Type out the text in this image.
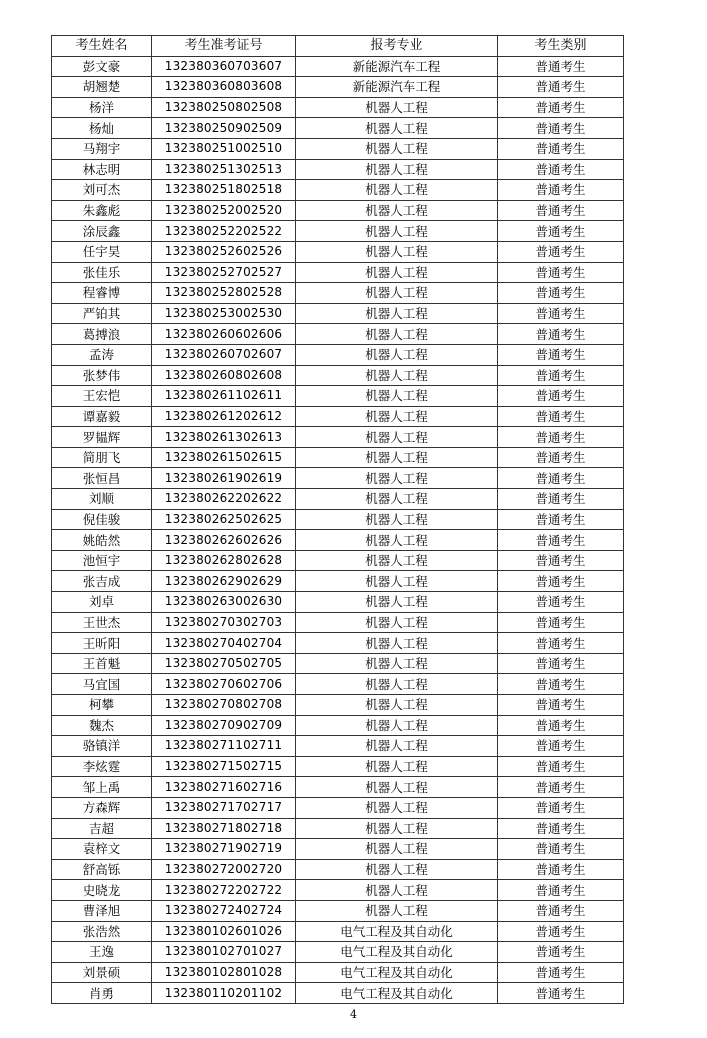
考生姓名	考生准考证号	报考专业	考生类别
彭文豪	132380360703607	新能源汽车工程	普通考生
胡翘楚	132380360803608	新能源汽车工程	普通考生
杨洋	132380250802508	机器人工程	普通考生
杨灿	132380250902509	机器人工程	普通考生
马翔宇	132380251002510	机器人工程	普通考生
林志明	132380251302513	机器人工程	普通考生
刘可杰	132380251802518	机器人工程	普通考生
朱鑫彪	132380252002520	机器人工程	普通考生
涂辰鑫	132380252202522	机器人工程	普通考生
任宇昊	132380252602526	机器人工程	普通考生
张佳乐	132380252702527	机器人工程	普通考生
程睿博	132380252802528	机器人工程	普通考生
严铂其	132380253002530	机器人工程	普通考生
葛搏浪	132380260602606	机器人工程	普通考生
孟涛	132380260702607	机器人工程	普通考生
张梦伟	132380260802608	机器人工程	普通考生
王宏恺	132380261102611	机器人工程	普通考生
谭嘉毅	132380261202612	机器人工程	普通考生
罗韫辉	132380261302613	机器人工程	普通考生
简朋飞	132380261502615	机器人工程	普通考生
张恒昌	132380261902619	机器人工程	普通考生
刘顺	132380262202622	机器人工程	普通考生
倪佳骏	132380262502625	机器人工程	普通考生
姚皓然	132380262602626	机器人工程	普通考生
池恒宇	132380262802628	机器人工程	普通考生
张吉成	132380262902629	机器人工程	普通考生
刘卓	132380263002630	机器人工程	普通考生
王世杰	132380270302703	机器人工程	普通考生
王昕阳	132380270402704	机器人工程	普通考生
王首魁	132380270502705	机器人工程	普通考生
马宜国	132380270602706	机器人工程	普通考生
柯攀	132380270802708	机器人工程	普通考生
魏杰	132380270902709	机器人工程	普通考生
骆镇洋	132380271102711	机器人工程	普通考生
李炫霆	132380271502715	机器人工程	普通考生
邹上禹	132380271602716	机器人工程	普通考生
方森辉	132380271702717	机器人工程	普通考生
吉超	132380271802718	机器人工程	普通考生
袁梓文	132380271902719	机器人工程	普通考生
舒高铄	132380272002720	机器人工程	普通考生
史晓龙	132380272202722	机器人工程	普通考生
曹泽旭	132380272402724	机器人工程	普通考生
张浩然	132380102601026	电气工程及其自动化	普通考生
王逸	132380102701027	电气工程及其自动化	普通考生
刘景硕	132380102801028	电气工程及其自动化	普通考生
肖勇	132380110201102	电气工程及其自动化	普通考生
4
